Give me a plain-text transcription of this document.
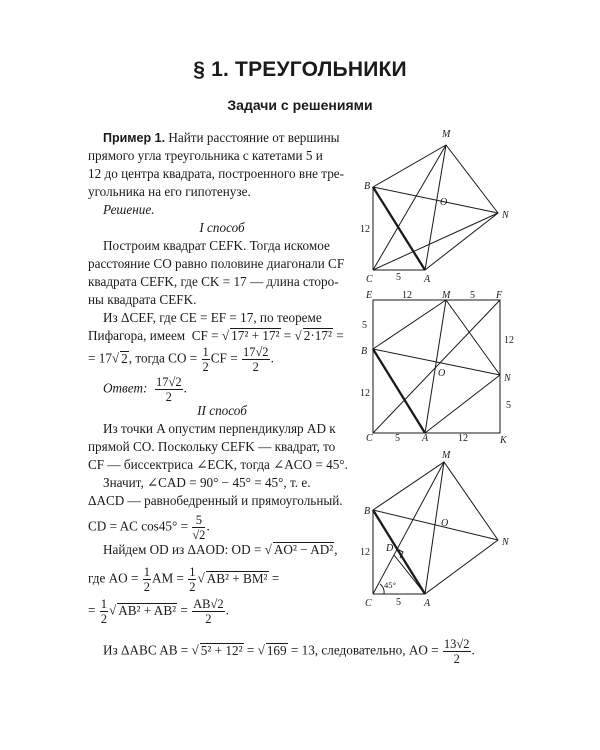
§ 1. ТРЕУГОЛЬНИКИ
Задачи с решениями
Пример 1. Найти расстояние от вершины
прямого угла треугольника с катетами 5 и
12 до центра квадрата, построенного вне тре-
угольника на его гипотенузе.
Решение.
I способ
Построим квадрат CEFK. Тогда искомое
расстояние CO равно половине диагонали CF
квадрата CEFK, где CK = 17 — длина сторо-
ны квадрата CEFK.
Из ΔCEF, где CE = EF = 17, по теореме
Пифагора, имеем CF = √ 17² + 17² = √ 2·17² =
= 17√ 2, тогда CO = $\frac{1}{2}$ CF = $\frac{17√2}{2}$ .
Ответ: $\frac{17√2}{2}$ .
II способ
Из точки A опустим перпендикуляр AD к
прямой CO. Поскольку CEFK — квадрат, то
CF — биссектриса ∠ECK, тогда ∠ACO = 45°.
Значит, ∠CAD = 90° − 45° = 45°, т. е.
ΔACD — равнобедренный и прямоугольный.
CD = AC $\cos 45^\circ = \frac{5}{√2}$ .
Найдем OD из ΔAOD: OD = √ AO² − AD²,
где AO = $\frac{1}{2}$ AM = $\frac{1}{2}$ √ AB² + BM² =
= $\frac{1}{2}$ √ $AB^2 + AB^2 = \frac{AB√2}{2}$ .
Из ΔABC AB = √ 5² + 12² = √ 169 = 13, следовательно, AO = $\frac{13√2}{2}$ .
M
B
O
N
C	A
12
5
E	F
M
B
O	N
C	A	K
12	5
5
12
12
5
5	12
M
B
O
N
D
C	A
12
5
45°
